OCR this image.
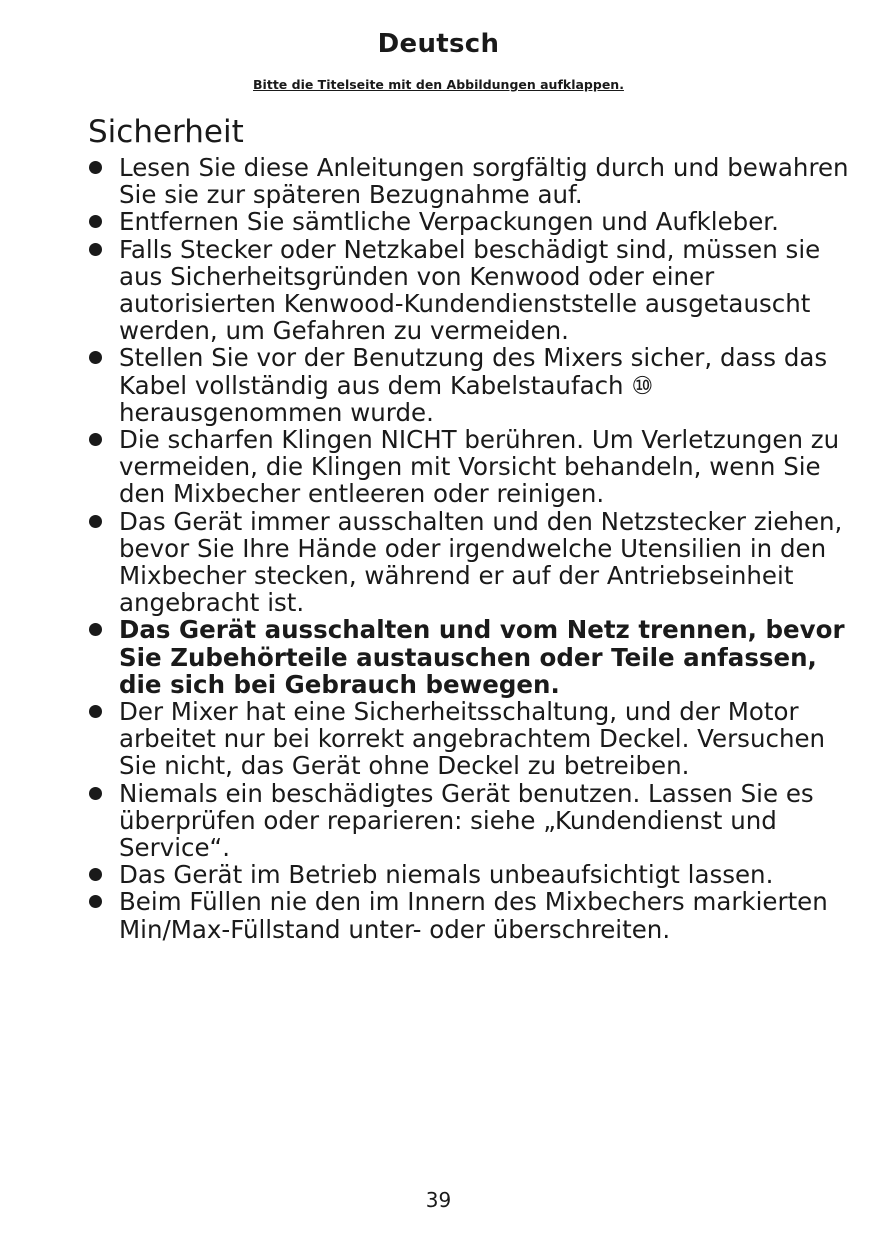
Deutsch
Bitte die Titelseite mit den Abbildungen aufklappen.
Sicherheit
Lesen Sie diese Anleitungen sorgfältig durch und bewahren Sie sie zur späteren Bezugnahme auf.
Entfernen Sie sämtliche Verpackungen und Aufkleber.
Falls Stecker oder Netzkabel beschädigt sind, müssen sie aus Sicherheitsgründen von Kenwood oder einer autorisierten Kenwood-Kundendienststelle ausgetauscht werden, um Gefahren zu vermeiden.
Stellen Sie vor der Benutzung des Mixers sicher, dass das Kabel vollständig aus dem Kabelstaufach ⑩ herausgenommen wurde.
Die scharfen Klingen NICHT berühren. Um Verletzungen zu vermeiden, die Klingen mit Vorsicht behandeln, wenn Sie den Mixbecher entleeren oder reinigen.
Das Gerät immer ausschalten und den Netzstecker ziehen, bevor Sie Ihre Hände oder irgendwelche Utensilien in den Mixbecher stecken, während er auf der Antriebseinheit angebracht ist.
Das Gerät ausschalten und vom Netz trennen, bevor Sie Zubehörteile austauschen oder Teile anfassen, die sich bei Gebrauch bewegen.
Der Mixer hat eine Sicherheitsschaltung, und der Motor arbeitet nur bei korrekt angebrachtem Deckel. Versuchen Sie nicht, das Gerät ohne Deckel zu betreiben.
Niemals ein beschädigtes Gerät benutzen. Lassen Sie es überprüfen oder reparieren: siehe „Kundendienst und Service“.
Das Gerät im Betrieb niemals unbeaufsichtigt lassen.
Beim Füllen nie den im Innern des Mixbechers markierten Min/Max-Füllstand unter- oder überschreiten.
39
